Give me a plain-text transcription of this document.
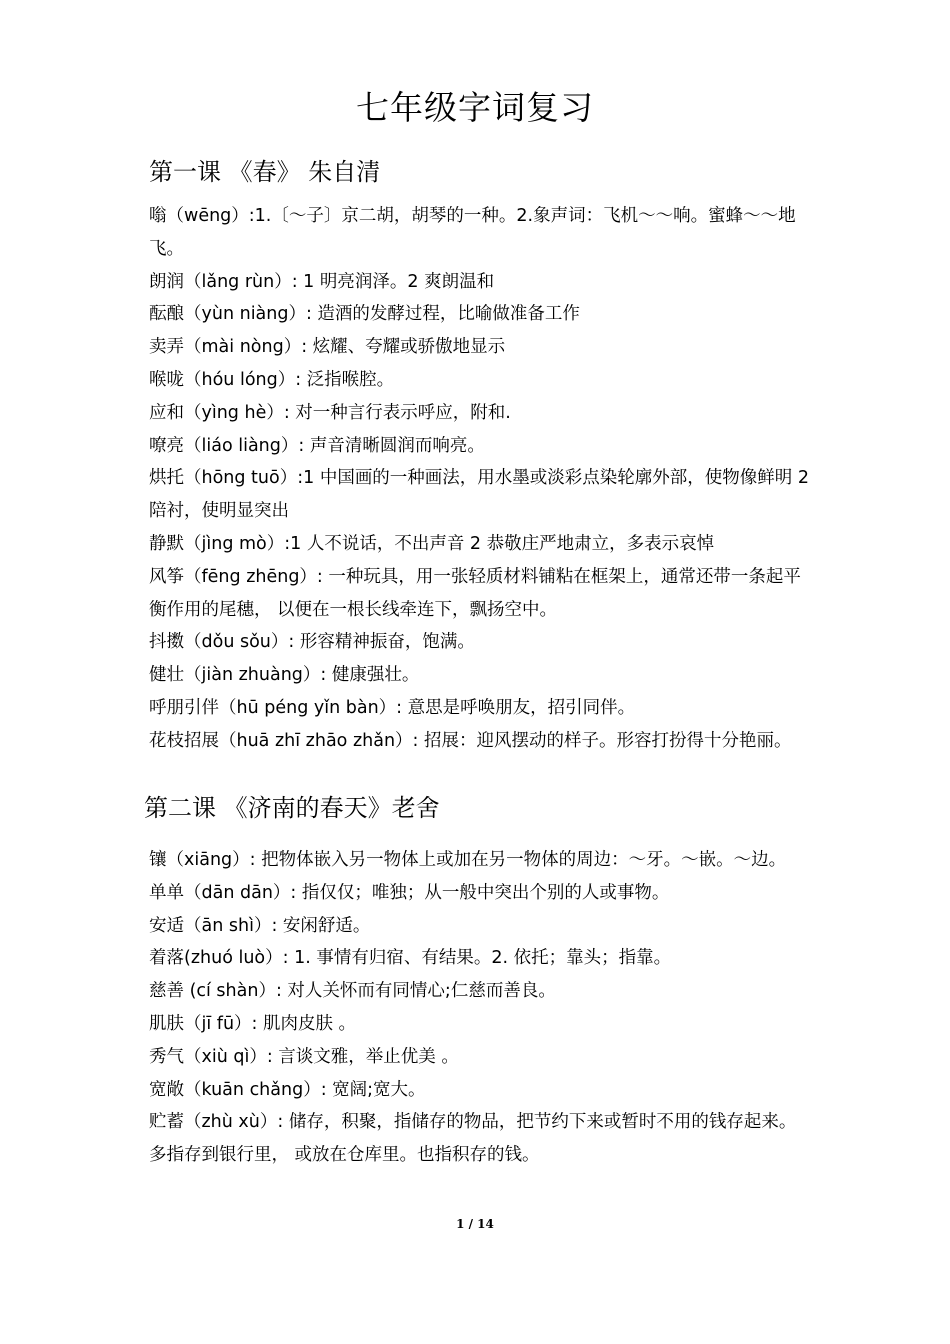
七年级字词复习
第一课 《春》 朱自清

嗡（wēng）:1.〔～子〕京二胡，胡琴的一种。2.象声词：飞机～～响。蜜蜂～～地飞。

朗润（lǎng rùn）: 1 明亮润泽。2 爽朗温和

酝酿（yùn niàng）: 造酒的发酵过程，比喻做准备工作

卖弄（mài nòng）: 炫耀、夸耀或骄傲地显示

喉咙（hóu lóng）: 泛指喉腔。

应和（yìng hè）: 对一种言行表示呼应，附和.

嘹亮（liáo liàng）: 声音清晰圆润而响亮。

烘托（hōng tuō）:1 中国画的一种画法，用水墨或淡彩点染轮廓外部，使物像鲜明 2 陪衬，使明显突出

静默（jìng mò）:1 人不说话，不出声音 2 恭敬庄严地肃立，多表示哀悼

风筝（fēng zhēng）: 一种玩具，用一张轻质材料铺粘在框架上，通常还带一条起平衡作用的尾穗， 以便在一根长线牵连下，飘扬空中。

抖擞（dǒu sǒu）: 形容精神振奋，饱满。

健壮（jiàn zhuàng）: 健康强壮。

呼朋引伴（hū péng yǐn bàn）: 意思是呼唤朋友，招引同伴。

花枝招展（huā zhī zhāo zhǎn）: 招展：迎风摆动的样子。形容打扮得十分艳丽。

第二课 《济南的春天》老舍

镶（xiāng）: 把物体嵌入另一物体上或加在另一物体的周边：～牙。～嵌。～边。

单单（dān dān）: 指仅仅；唯独；从一般中突出个别的人或事物。

安适（ān shì）: 安闲舒适。

着落(zhuó luò）: 1. 事情有归宿、有结果。2. 依托；靠头；指靠。

慈善 (cí shàn）: 对人关怀而有同情心;仁慈而善良。

肌肤（jī fū）: 肌肉皮肤 。

秀气（xiù qì）: 言谈文雅，举止优美 。

宽敞（kuān chǎng）: 宽阔;宽大。

贮蓄（zhù xù）: 储存，积聚，指储存的物品，把节约下来或暂时不用的钱存起来。多指存到银行里， 或放在仓库里。也指积存的钱。

1 / 14
